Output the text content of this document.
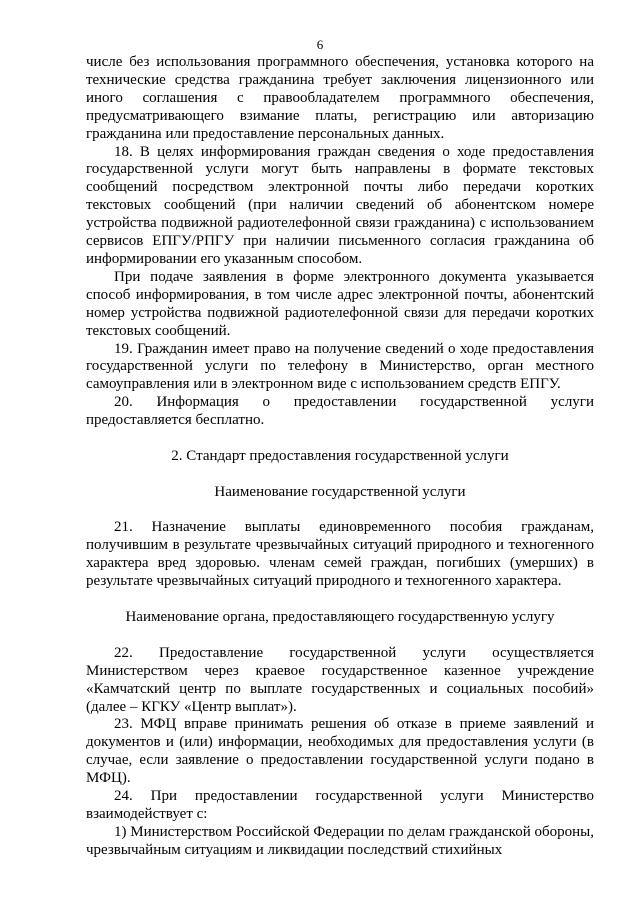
6

числе без использования программного обеспечения, установка которого на технические средства гражданина требует заключения лицензионного или иного соглашения с правообладателем программного обеспечения, предусматривающего взимание платы, регистрацию или авторизацию гражданина или предоставление персональных данных.

18. В целях информирования граждан сведения о ходе предоставления государственной услуги могут быть направлены в формате текстовых сообщений посредством электронной почты либо передачи коротких текстовых сообщений (при наличии сведений об абонентском номере устройства подвижной радиотелефонной связи гражданина) с использованием сервисов ЕПГУ/РПГУ при наличии письменного согласия гражданина об информировании его указанным способом.

При подаче заявления в форме электронного документа указывается способ информирования, в том числе адрес электронной почты, абонентский номер устройства подвижной радиотелефонной связи для передачи коротких текстовых сообщений.

19. Гражданин имеет право на получение сведений о ходе предоставления государственной услуги по телефону в Министерство, орган местного самоуправления или в электронном виде с использованием средств ЕПГУ.

20. Информация о предоставлении государственной услуги предоставляется бесплатно.

2. Стандарт предоставления государственной услуги

Наименование государственной услуги

21. Назначение выплаты единовременного пособия гражданам, получившим в результате чрезвычайных ситуаций природного и техногенного характера вред здоровью. членам семей граждан, погибших (умерших) в результате чрезвычайных ситуаций природного и техногенного характера.

Наименование органа, предоставляющего государственную услугу

22. Предоставление государственной услуги осуществляется Министерством через краевое государственное казенное учреждение «Камчатский центр по выплате государственных и социальных пособий» (далее – КГКУ «Центр выплат»).

23. МФЦ вправе принимать решения об отказе в приеме заявлений и документов и (или) информации, необходимых для предоставления услуги (в случае, если заявление о предоставлении государственной услуги подано в МФЦ).

24. При предоставлении государственной услуги Министерство взаимодействует с:

1) Министерством Российской Федерации по делам гражданской обороны, чрезвычайным ситуациям и ликвидации последствий стихийных
